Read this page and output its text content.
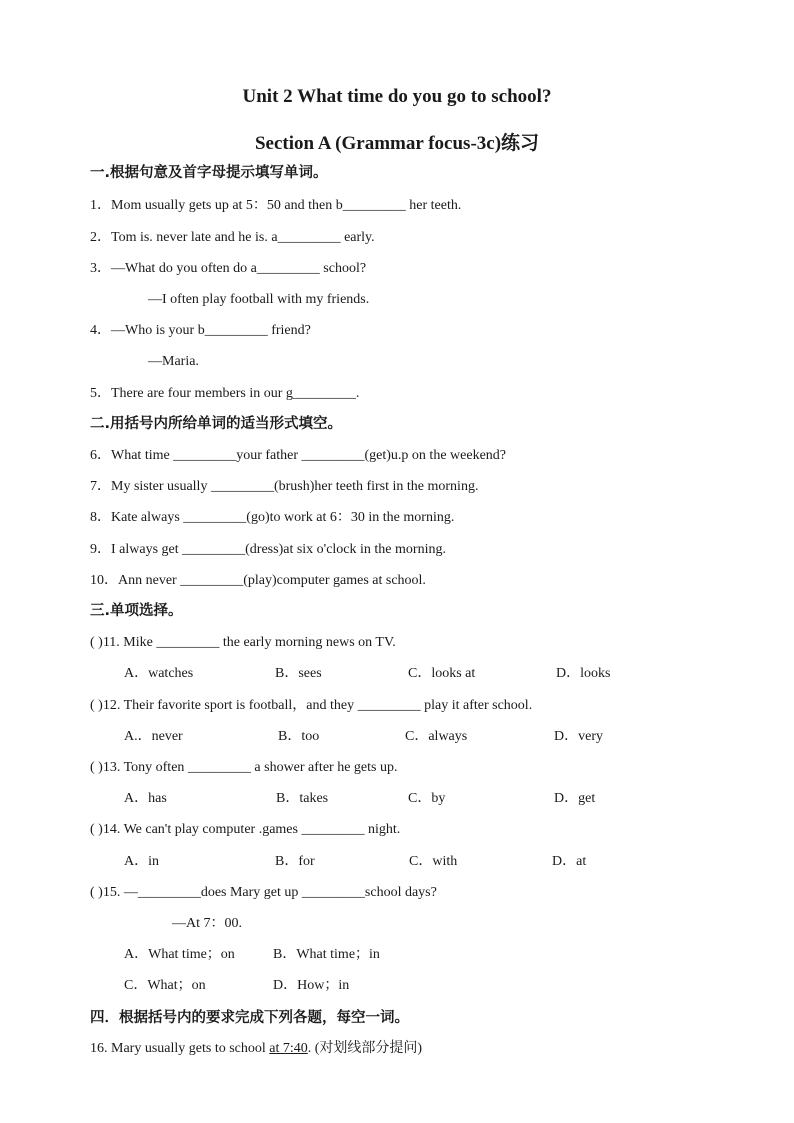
Unit 2 What time do you go to school?
Section A (Grammar focus-3c)练习
一.根据句意及首字母提示填写单词。
1．Mom usually gets up at 5：50 and then b_________ her teeth.
2．Tom is. never late and he is. a_________ early.
3．—What do you often do a_________ school?
—I often play football with my friends.
4．—Who is your b_________ friend?
—Maria.
5．There are four members in our g_________.
二.用括号内所给单词的适当形式填空。
6．What time _________your father _________(get)u.p on the weekend?
7．My sister usually _________(brush)her teeth first in the morning.
8．Kate always _________(go)to work at 6：30 in the morning.
9．I always get _________(dress)at six o'clock in the morning.
10．Ann never _________(play)computer games at school.
三.单项选择。
( )11. Mike _________ the early morning news on TV.
A．watches	B．sees	C．looks at	D．looks
( )12. Their favorite sport is football，and they _________ play it after school.
A.．never	B．too	C．always	D．very
( )13. Tony often _________ a shower after he gets up.
A．has	B．takes	C．by	D．get
( )14. We can't play computer .games _________ night.
A．in	B．for	C．with	D．at
( )15. —_________does Mary get up _________school days?
—At 7：00.
A．What time；on	B．What time；in
C．What；on	D．How；in
四．根据括号内的要求完成下列各题，每空一词。
16. Mary usually gets to school at 7:40. (对划线部分提问)
